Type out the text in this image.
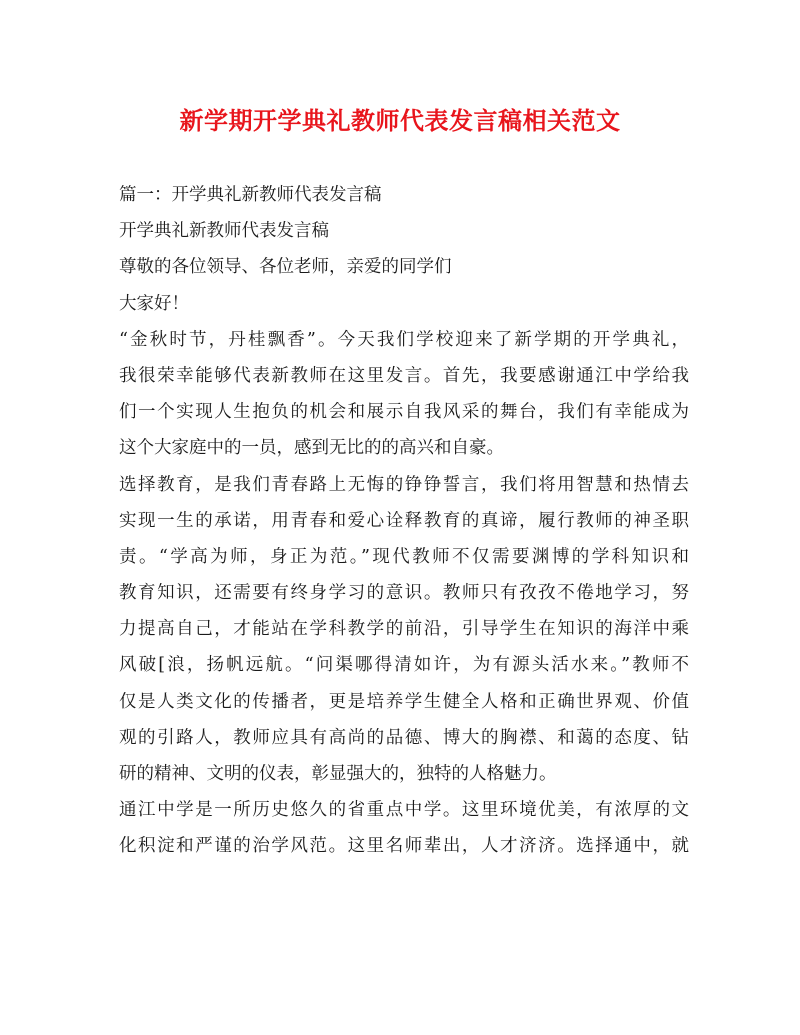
新学期开学典礼教师代表发言稿相关范文
篇一：开学典礼新教师代表发言稿
开学典礼新教师代表发言稿
尊敬的各位领导、各位老师，亲爱的同学们
大家好！
“金秋时节，丹桂飘香”。今天我们学校迎来了新学期的开学典礼，
我很荣幸能够代表新教师在这里发言。首先，我要感谢通江中学给我
们一个实现人生抱负的机会和展示自我风采的舞台，我们有幸能成为
这个大家庭中的一员，感到无比的的高兴和自豪。
选择教育，是我们青春路上无悔的铮铮誓言，我们将用智慧和热情去
实现一生的承诺，用青春和爱心诠释教育的真谛，履行教师的神圣职
责。“学高为师，身正为范。”现代教师不仅需要渊博的学科知识和
教育知识，还需要有终身学习的意识。教师只有孜孜不倦地学习，努
力提高自己，才能站在学科教学的前沿，引导学生在知识的海洋中乘
风破[浪，扬帆远航。“问渠哪得清如许，为有源头活水来。”教师不
仅是人类文化的传播者，更是培养学生健全人格和正确世界观、价值
观的引路人，教师应具有高尚的品德、博大的胸襟、和蔼的态度、钻
研的精神、文明的仪表，彰显强大的，独特的人格魅力。
通江中学是一所历史悠久的省重点中学。这里环境优美，有浓厚的文
化积淀和严谨的治学风范。这里名师辈出，人才济济。选择通中，就
